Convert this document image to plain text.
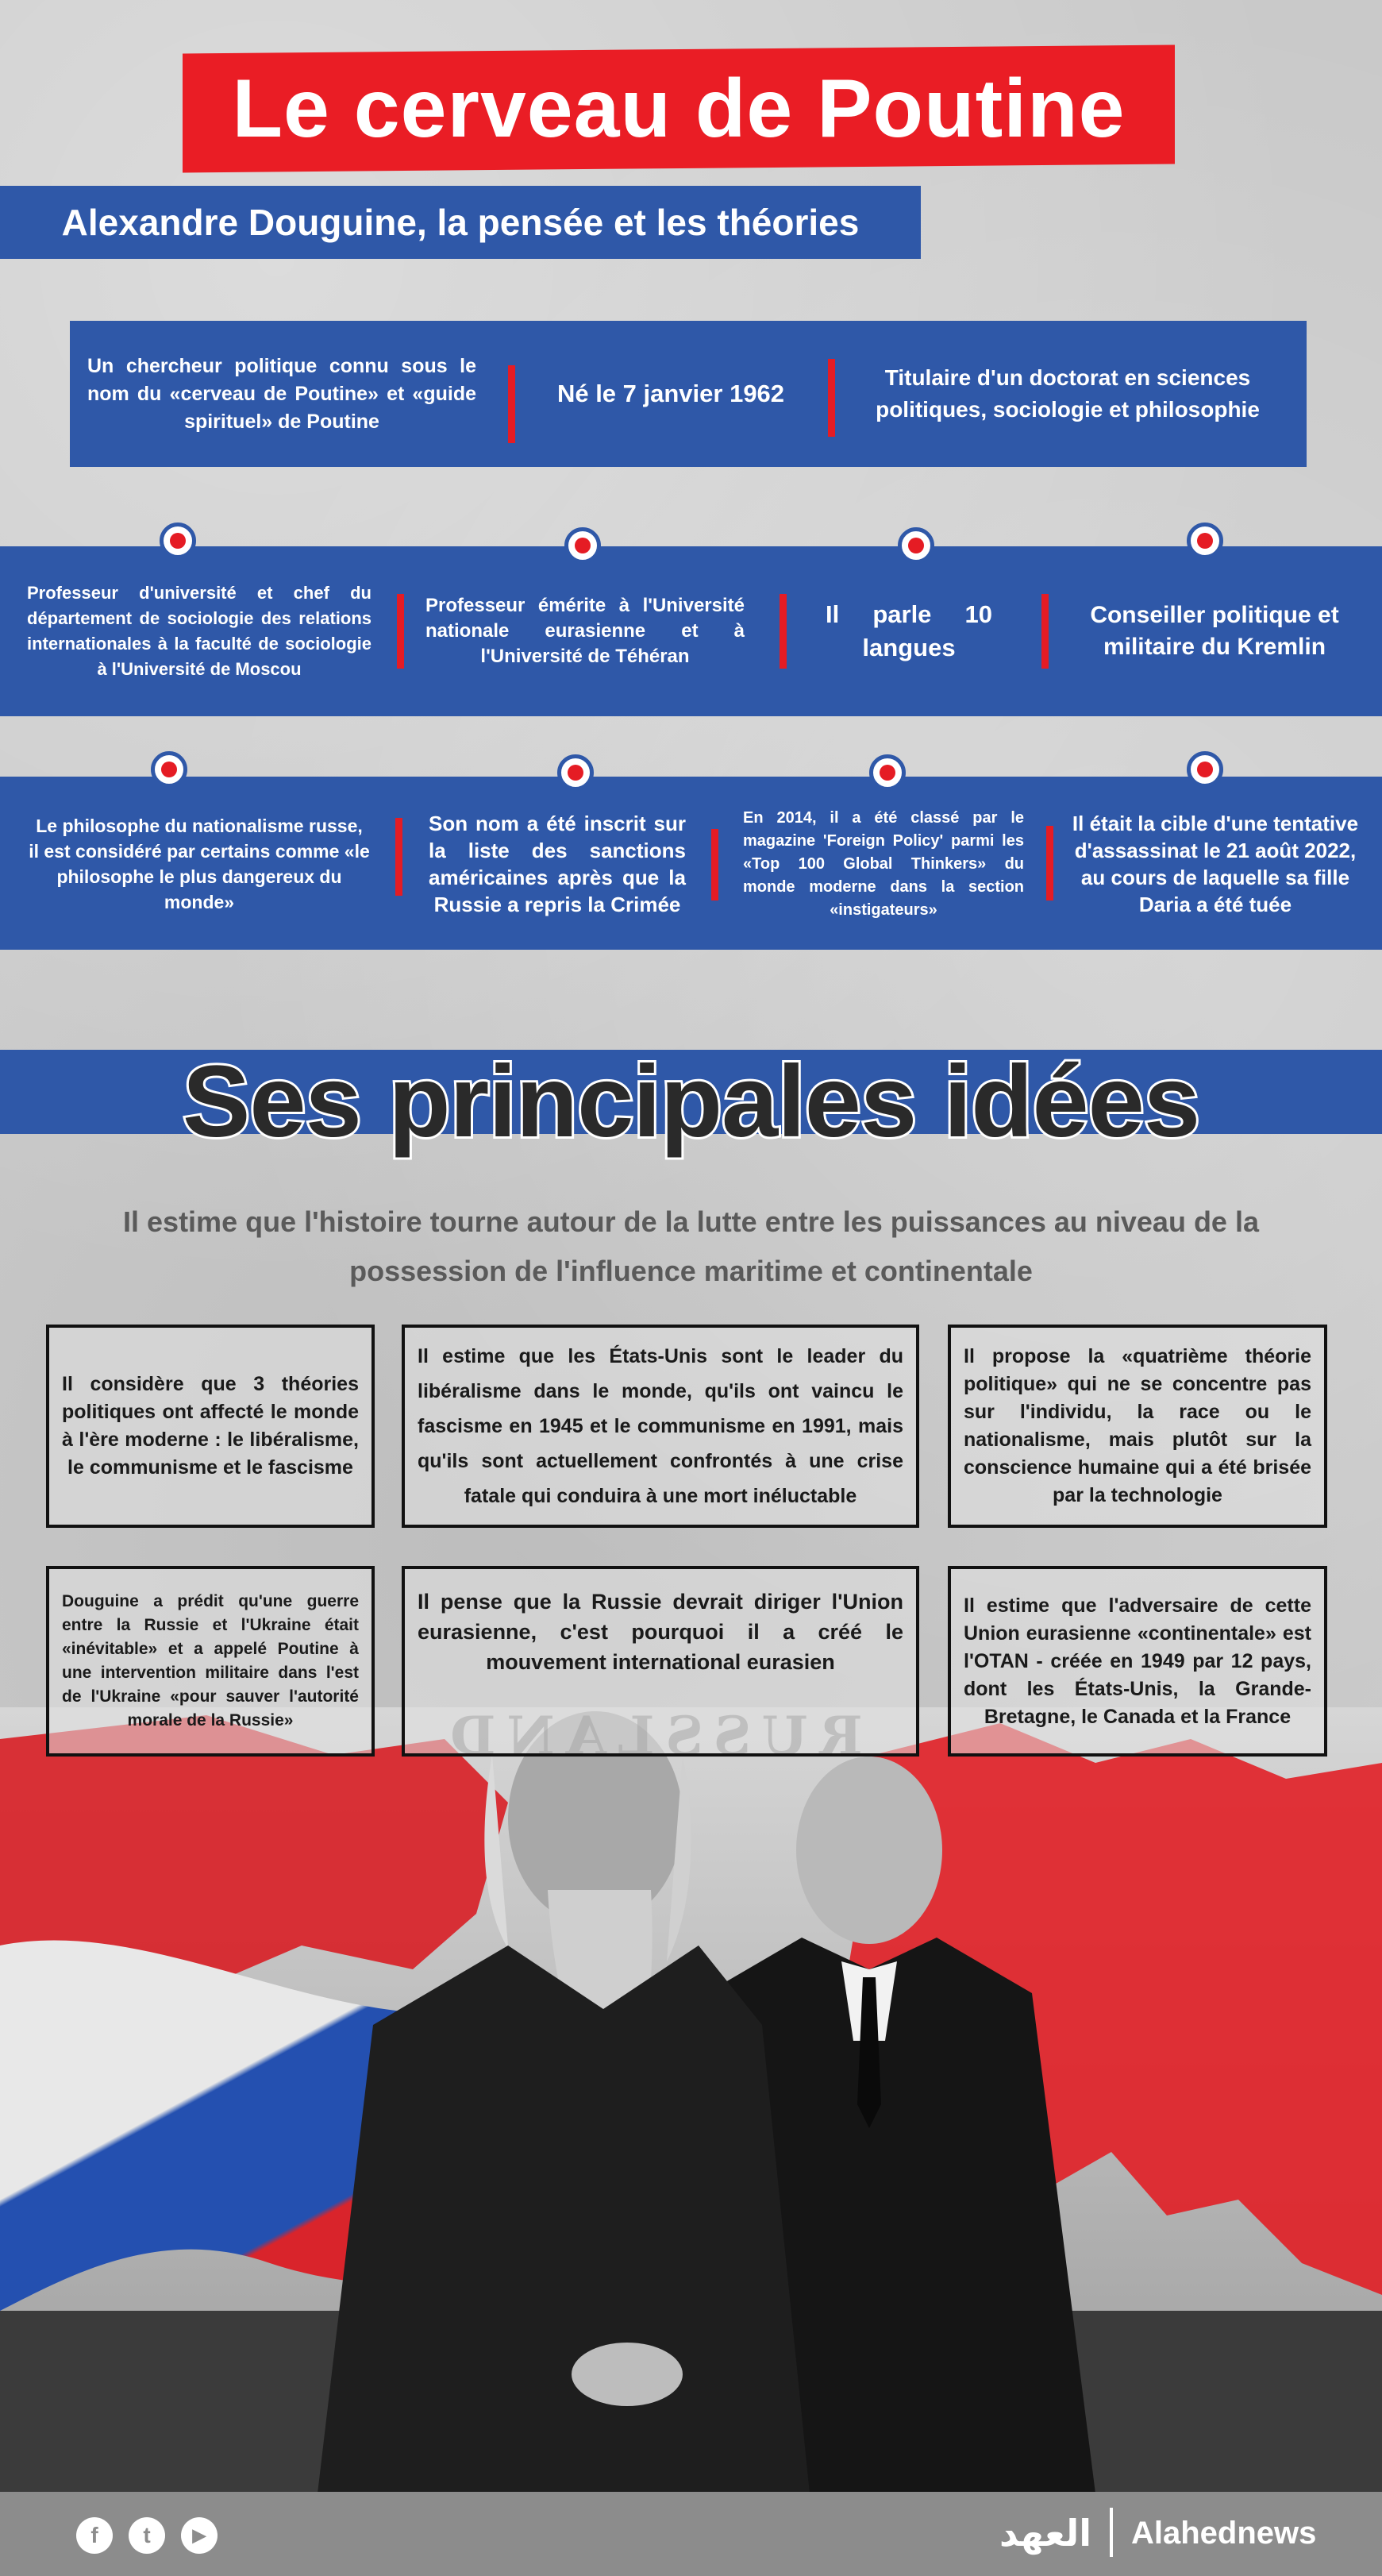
Le cerveau de Poutine
Alexandre Douguine, la pensée et les théories
Un chercheur politique connu sous le nom du «cerveau de Poutine» et «guide spirituel» de Poutine
Né le 7 janvier 1962
Titulaire d'un doctorat en sciences politiques, sociologie et philosophie
Professeur d'université et chef du département de sociologie des relations internationales à la faculté de sociologie à l'Université de Moscou
Professeur émérite à l'Université nationale eurasienne et à l'Université de Téhéran
Il parle 10 langues
Conseiller politique et militaire du Kremlin
Le philosophe du nationalisme russe, il est considéré par certains comme «le philosophe le plus dangereux du monde»
Son nom a été inscrit sur la liste des sanctions américaines après que la Russie a repris la Crimée
En 2014, il a été classé par le magazine 'Foreign Policy' parmi les «Top 100 Global Thinkers» du monde moderne dans la section «instigateurs»
Il était la cible d'une tentative d'assassinat le 21 août 2022, au cours de laquelle sa fille Daria a été tuée
Ses principales idées
Il estime que l'histoire tourne autour de la lutte entre les puissances au niveau de la possession de l'influence maritime et continentale
Il considère que 3 théories politiques ont affecté le monde à l'ère moderne : le libéralisme, le communisme et le fascisme
Il estime que les États-Unis sont le leader du libéralisme dans le monde, qu'ils ont vaincu le fascisme en 1945 et le communisme en 1991, mais qu'ils sont actuellement confrontés à une crise fatale qui conduira à une mort inéluctable
Il propose la «quatrième théorie politique» qui ne se concentre pas sur l'individu, la race ou le nationalisme, mais plutôt sur la conscience humaine qui a été brisée par la technologie
Douguine a prédit qu'une guerre entre la Russie et l'Ukraine était «inévitable» et a appelé Poutine à une intervention militaire dans l'est de l'Ukraine «pour sauver l'autorité morale de la Russie»
Il pense que la Russie devrait diriger l'Union eurasienne, c'est pourquoi il a créé le mouvement international eurasien
Il estime que l'adversaire de cette Union eurasienne «continentale» est l'OTAN - créée en 1949 par 12 pays, dont les États-Unis, la Grande-Bretagne, le Canada et la France
f	t	▶	العهد Alahednews
